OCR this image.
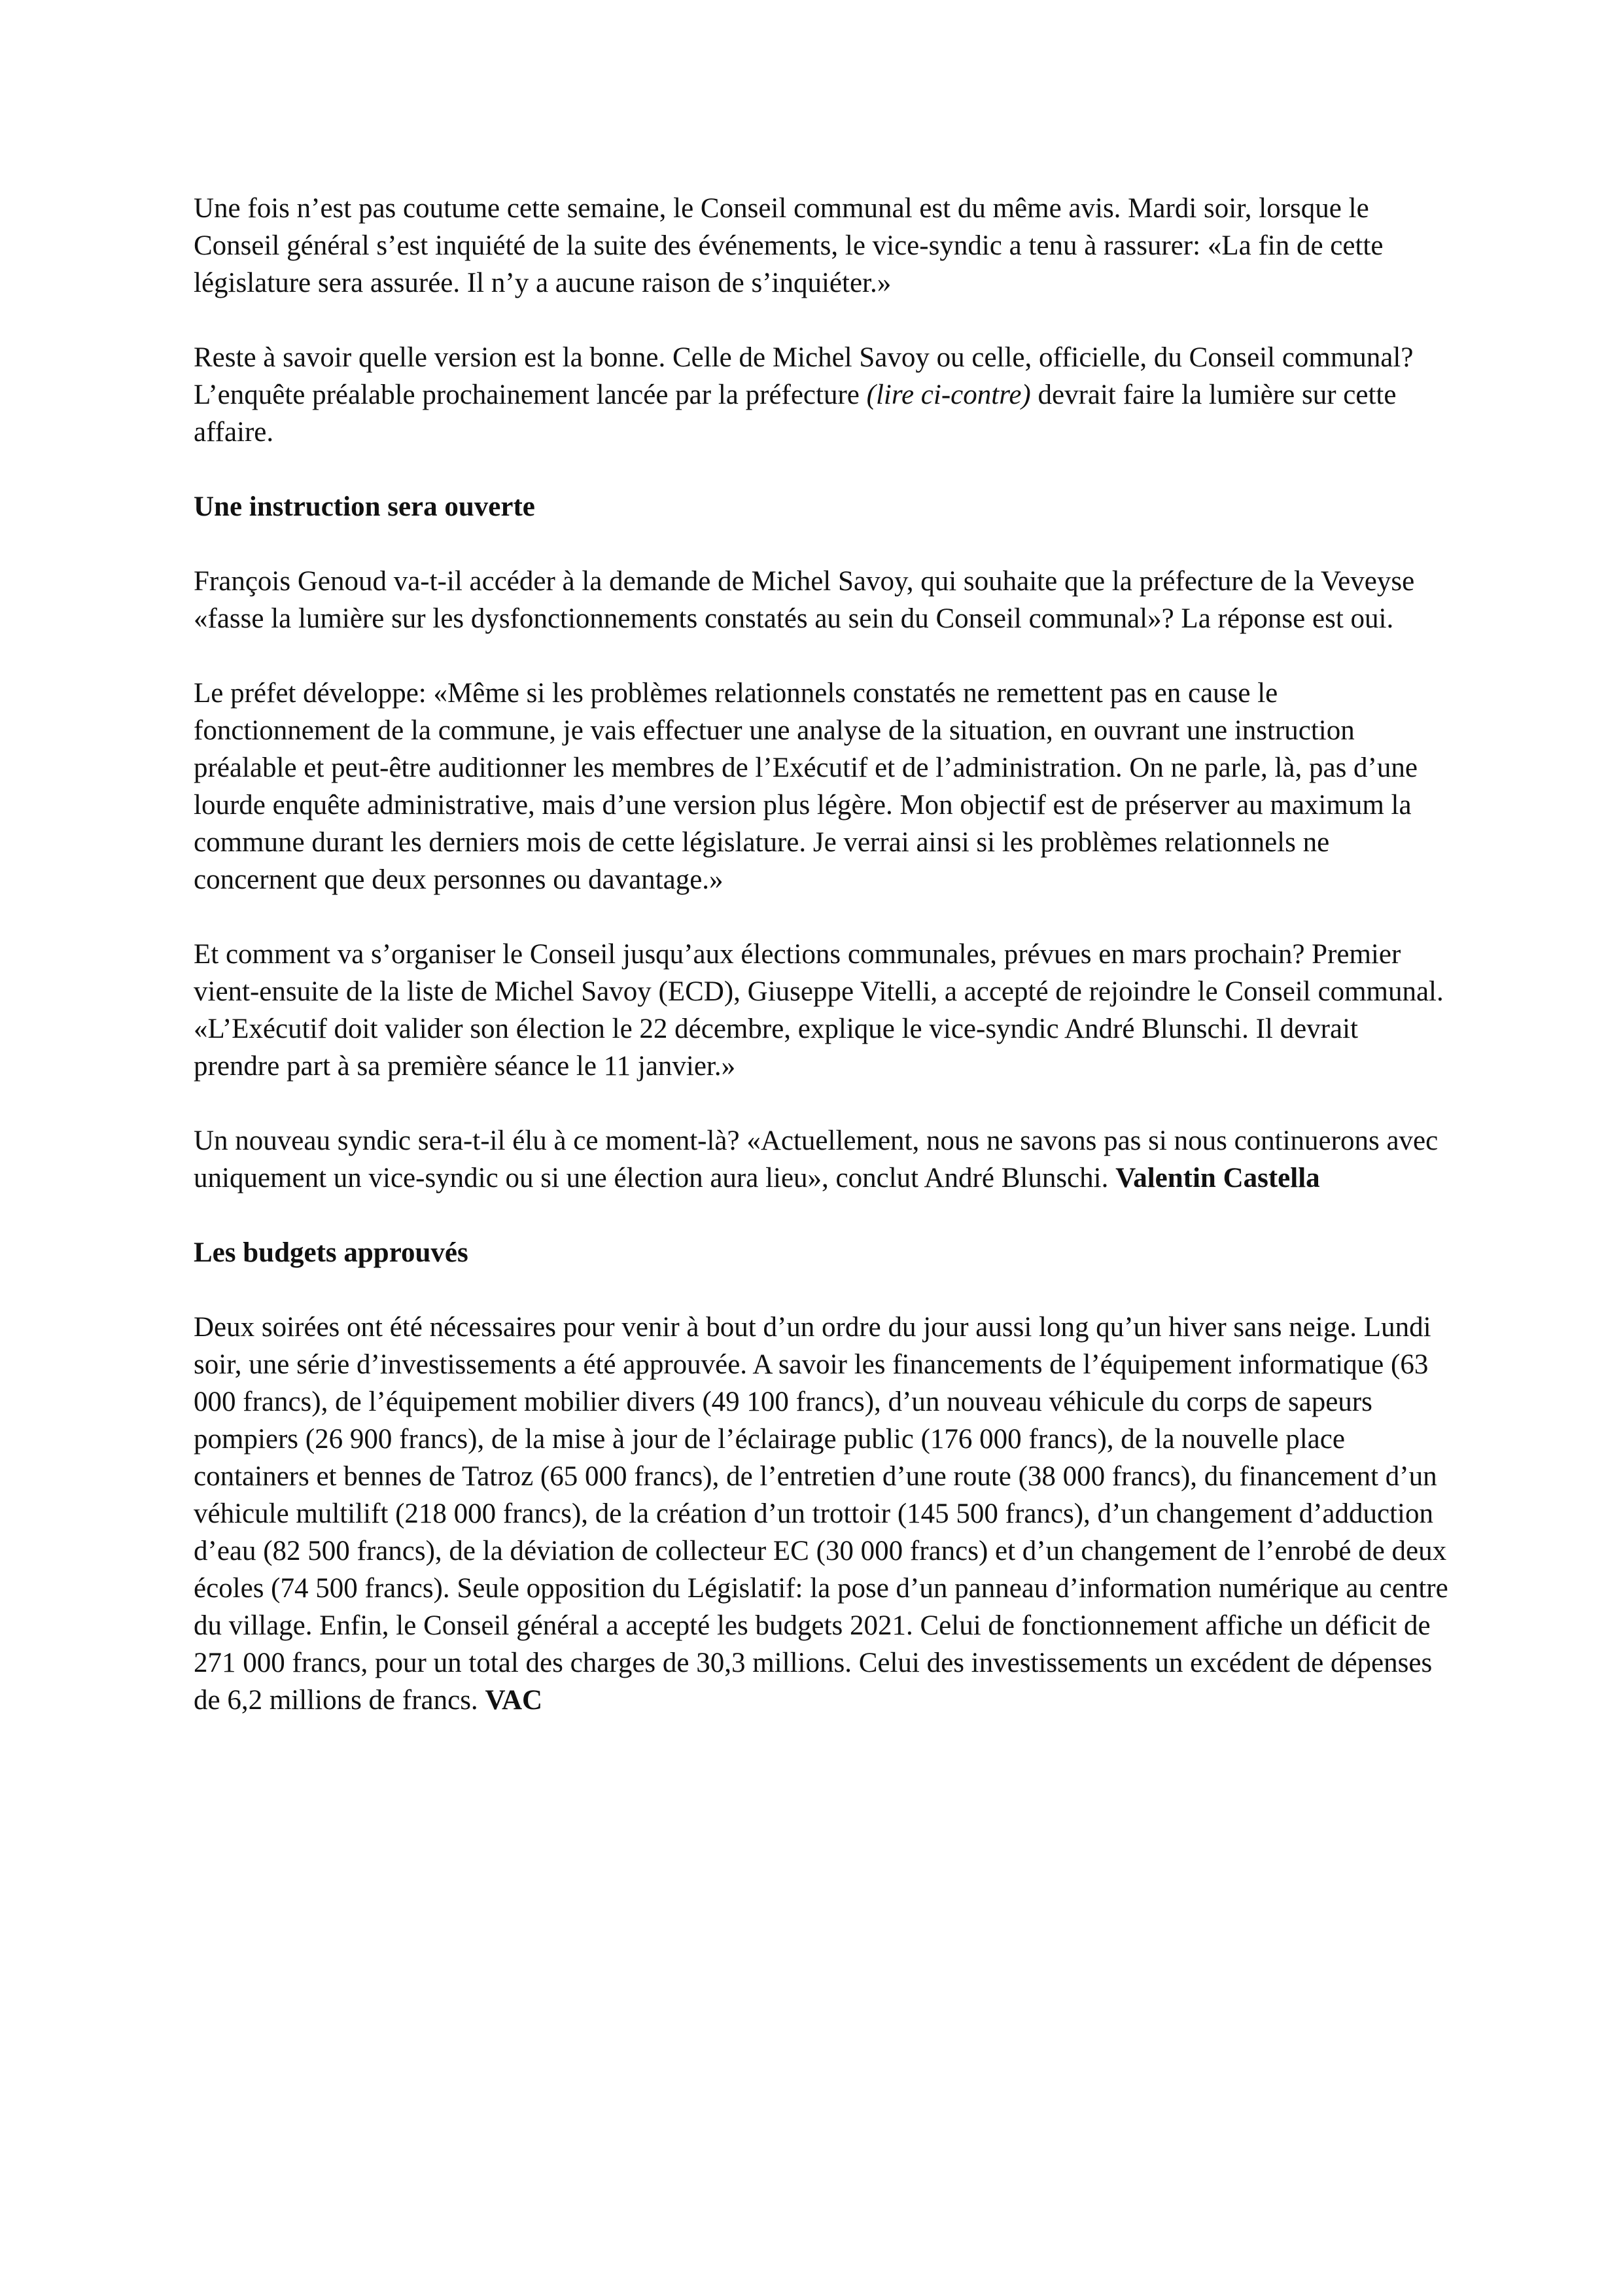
Une fois n’est pas coutume cette semaine, le Conseil communal est du même avis. Mardi soir, lorsque le Conseil général s’est inquiété de la suite des événements, le vice-syndic a tenu à rassurer: «La fin de cette législature sera assurée. Il n’y a aucune raison de s’inquiéter.»

Reste à savoir quelle version est la bonne. Celle de Michel Savoy ou celle, officielle, du Conseil communal? L’enquête préalable prochainement lancée par la préfecture (lire ci-contre) devrait faire la lumière sur cette affaire.

Une instruction sera ouverte

François Genoud va-t-il accéder à la demande de Michel Savoy, qui souhaite que la préfecture de la Veveyse «fasse la lumière sur les dysfonctionnements constatés au sein du Conseil communal»? La réponse est oui.

Le préfet développe: «Même si les problèmes relationnels constatés ne remettent pas en cause le fonctionnement de la commune, je vais effectuer une analyse de la situation, en ouvrant une instruction préalable et peut-être auditionner les membres de l’Exécutif et de l’administration. On ne parle, là, pas d’une lourde enquête administrative, mais d’une version plus légère. Mon objectif est de préserver au maximum la commune durant les derniers mois de cette législature. Je verrai ainsi si les problèmes relationnels ne concernent que deux personnes ou davantage.»

Et comment va s’organiser le Conseil jusqu’aux élections communales, prévues en mars prochain? Premier vient-ensuite de la liste de Michel Savoy (ECD), Giuseppe Vitelli, a accepté de rejoindre le Conseil communal. «L’Exécutif doit valider son élection le 22 décembre, explique le vice-syndic André Blunschi. Il devrait prendre part à sa première séance le 11 janvier.»

Un nouveau syndic sera-t-il élu à ce moment-là? «Actuellement, nous ne savons pas si nous continuerons avec uniquement un vice-syndic ou si une élection aura lieu», conclut André Blunschi. Valentin Castella

Les budgets approuvés

Deux soirées ont été nécessaires pour venir à bout d’un ordre du jour aussi long qu’un hiver sans neige. Lundi soir, une série d’investissements a été approuvée. A savoir les financements de l’équipement informatique (63 000 francs), de l’équipement mobilier divers (49 100 francs), d’un nouveau véhicule du corps de sapeurs pompiers (26 900 francs), de la mise à jour de l’éclairage public (176 000 francs), de la nouvelle place containers et bennes de Tatroz (65 000 francs), de l’entretien d’une route (38 000 francs), du financement d’un véhicule multilift (218 000 francs), de la création d’un trottoir (145 500 francs), d’un changement d’adduction d’eau (82 500 francs), de la déviation de collecteur EC (30 000 francs) et d’un changement de l’enrobé de deux écoles (74 500 francs). Seule opposition du Législatif: la pose d’un panneau d’information numérique au centre du village. Enfin, le Conseil général a accepté les budgets 2021. Celui de fonctionnement affiche un déficit de 271 000 francs, pour un total des charges de 30,3 millions. Celui des investissements un excédent de dépenses de 6,2 millions de francs. VAC
